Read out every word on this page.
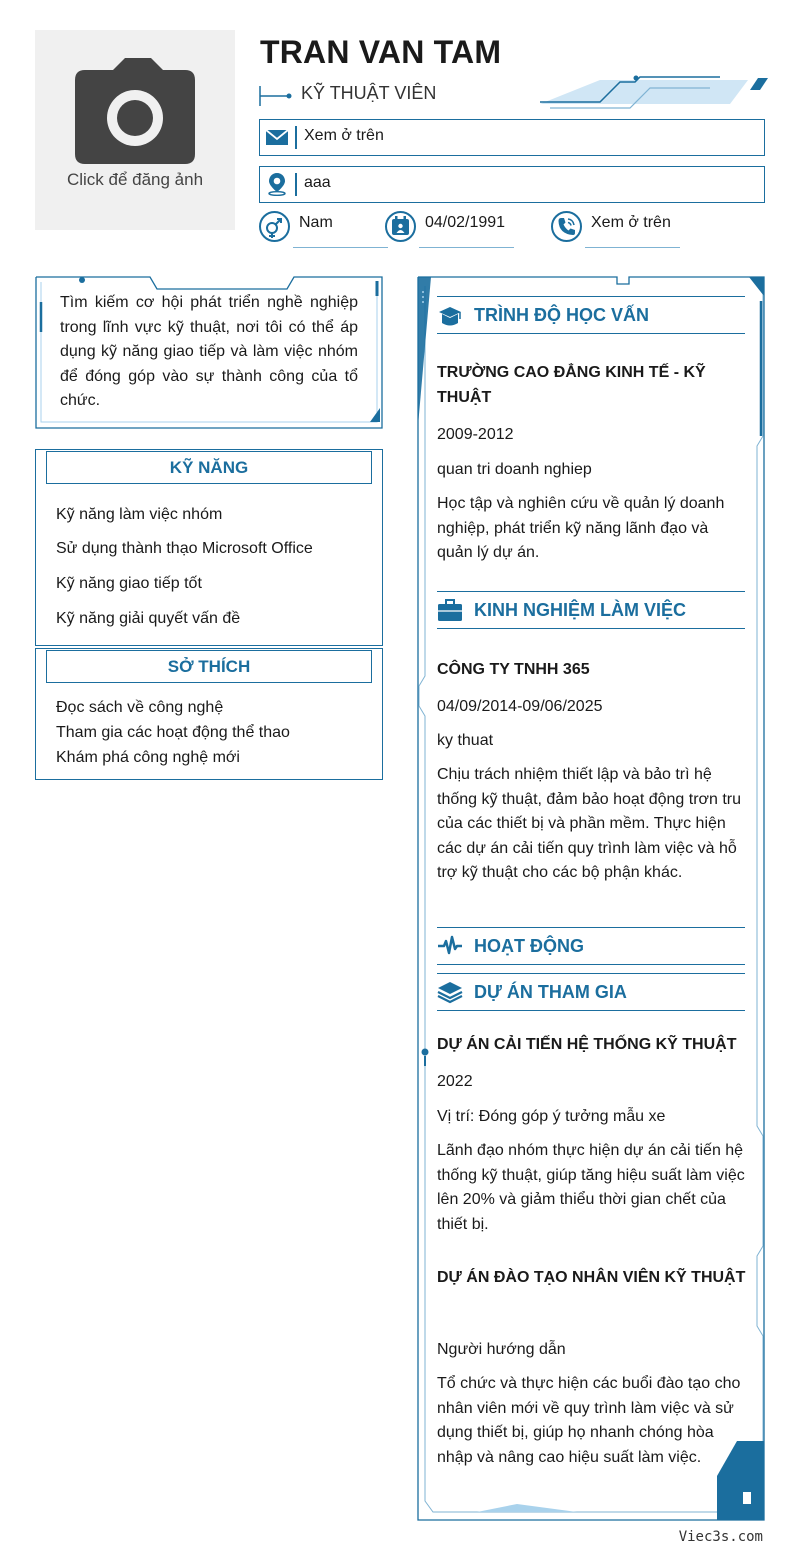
Click để đăng ảnh
TRAN VAN TAM
KỸ THUẬT VIÊN
Xem ở trên
aaa
Nam	04/02/1991	Xem ở trên
Tìm kiếm cơ hội phát triển nghề nghiệp trong lĩnh vực kỹ thuật, nơi tôi có thể áp dụng kỹ năng giao tiếp và làm việc nhóm để đóng góp vào sự thành công của tổ chức.
KỸ NĂNG
Kỹ năng làm việc nhóm
Sử dụng thành thạo Microsoft Office
Kỹ năng giao tiếp tốt
Kỹ năng giải quyết vấn đề
SỞ THÍCH
Đọc sách về công nghệ
Tham gia các hoạt động thể thao
Khám phá công nghệ mới
TRÌNH ĐỘ HỌC VẤN
TRƯỜNG CAO ĐẲNG KINH TẾ - KỸ THUẬT
2009-2012
quan tri doanh nghiep
Học tập và nghiên cứu về quản lý doanh nghiệp, phát triển kỹ năng lãnh đạo và quản lý dự án.
KINH NGHIỆM LÀM VIỆC
CÔNG TY TNHH 365
04/09/2014-09/06/2025
ky thuat
Chịu trách nhiệm thiết lập và bảo trì hệ thống kỹ thuật, đảm bảo hoạt động trơn tru của các thiết bị và phần mềm. Thực hiện các dự án cải tiến quy trình làm việc và hỗ trợ kỹ thuật cho các bộ phận khác.
HOẠT ĐỘNG
DỰ ÁN THAM GIA
DỰ ÁN CẢI TIẾN HỆ THỐNG KỸ THUẬT
2022
Vị trí: Đóng góp ý tưởng mẫu xe
Lãnh đạo nhóm thực hiện dự án cải tiến hệ thống kỹ thuật, giúp tăng hiệu suất làm việc lên 20% và giảm thiểu thời gian chết của thiết bị.
DỰ ÁN ĐÀO TẠO NHÂN VIÊN KỸ THUẬT
Người hướng dẫn
Tổ chức và thực hiện các buổi đào tạo cho nhân viên mới về quy trình làm việc và sử dụng thiết bị, giúp họ nhanh chóng hòa nhập và nâng cao hiệu suất làm việc.
Viec3s.com
